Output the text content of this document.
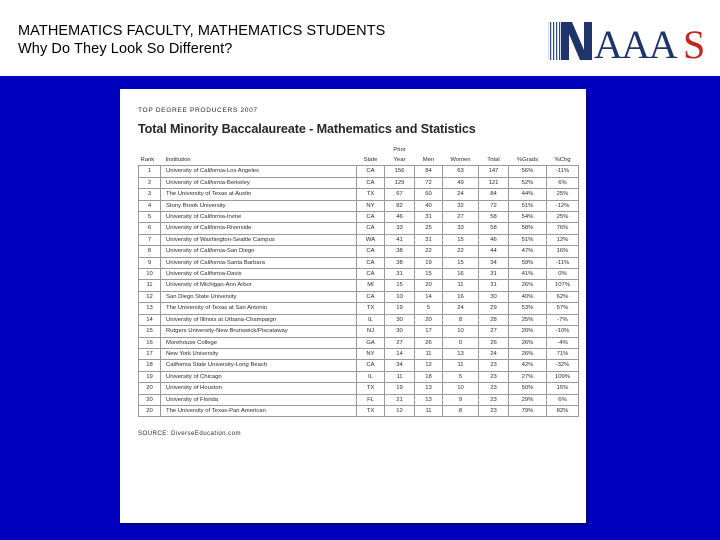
MATHEMATICS FACULTY, MATHEMATICS STUDENTS
Why Do They Look So Different?	AAA S
TOP DEGREE PRODUCERS 2007
Total Minority Baccalaureate - Mathematics and Statistics
			Prior					
Rank	Institution	State	Year	Men	Women	Total	%Grads	%Chg
1	University of California-Los Angeles	CA	156	84	63	147	56%	-11%
2	University of California-Berkeley	CA	129	72	49	121	52%	6%
3	The University of Texas at Austin	TX	67	60	24	84	44%	25%
4	Stony Brook University	NY	82	40	32	72	51%	-12%
5	University of California-Irvine	CA	46	31	27	58	54%	25%
6	University of California-Riverside	CA	33	25	33	58	58%	76%
7	University of Washington-Seattle Campus	WA	41	31	15	46	51%	12%
8	University of California-San Diego	CA	38	22	22	44	47%	16%
9	University of California-Santa Barbara	CA	38	19	15	34	59%	-11%
10	University of California-Davis	CA	31	15	16	31	41%	0%
11	University of Michigan-Ann Arbor	MI	15	20	11	31	26%	107%
12	San Diego State University	CA	10	14	16	30	40%	62%
13	The University of Texas at San Antonio	TX	19	5	24	29	53%	57%
14	University of Illinois at Urbana-Champaign	IL	30	20	8	28	25%	-7%
15	Rutgers University-New Brunswick/Piscataway	NJ	30	17	10	27	20%	-10%
16	Morehouse College	GA	27	26	0	26	26%	-4%
17	New York University	NY	14	11	13	24	26%	71%
18	California State University-Long Beach	CA	34	12	11	23	42%	-32%
19	University of Chicago	IL	11	18	5	23	27%	109%
20	University of Houston	TX	19	13	10	23	50%	15%
20	University of Florida	FL	21	13	9	23	29%	6%
20	The University of Texas-Pan American	TX	12	11	8	23	79%	82%
SOURCE: DiverseEducation.com
